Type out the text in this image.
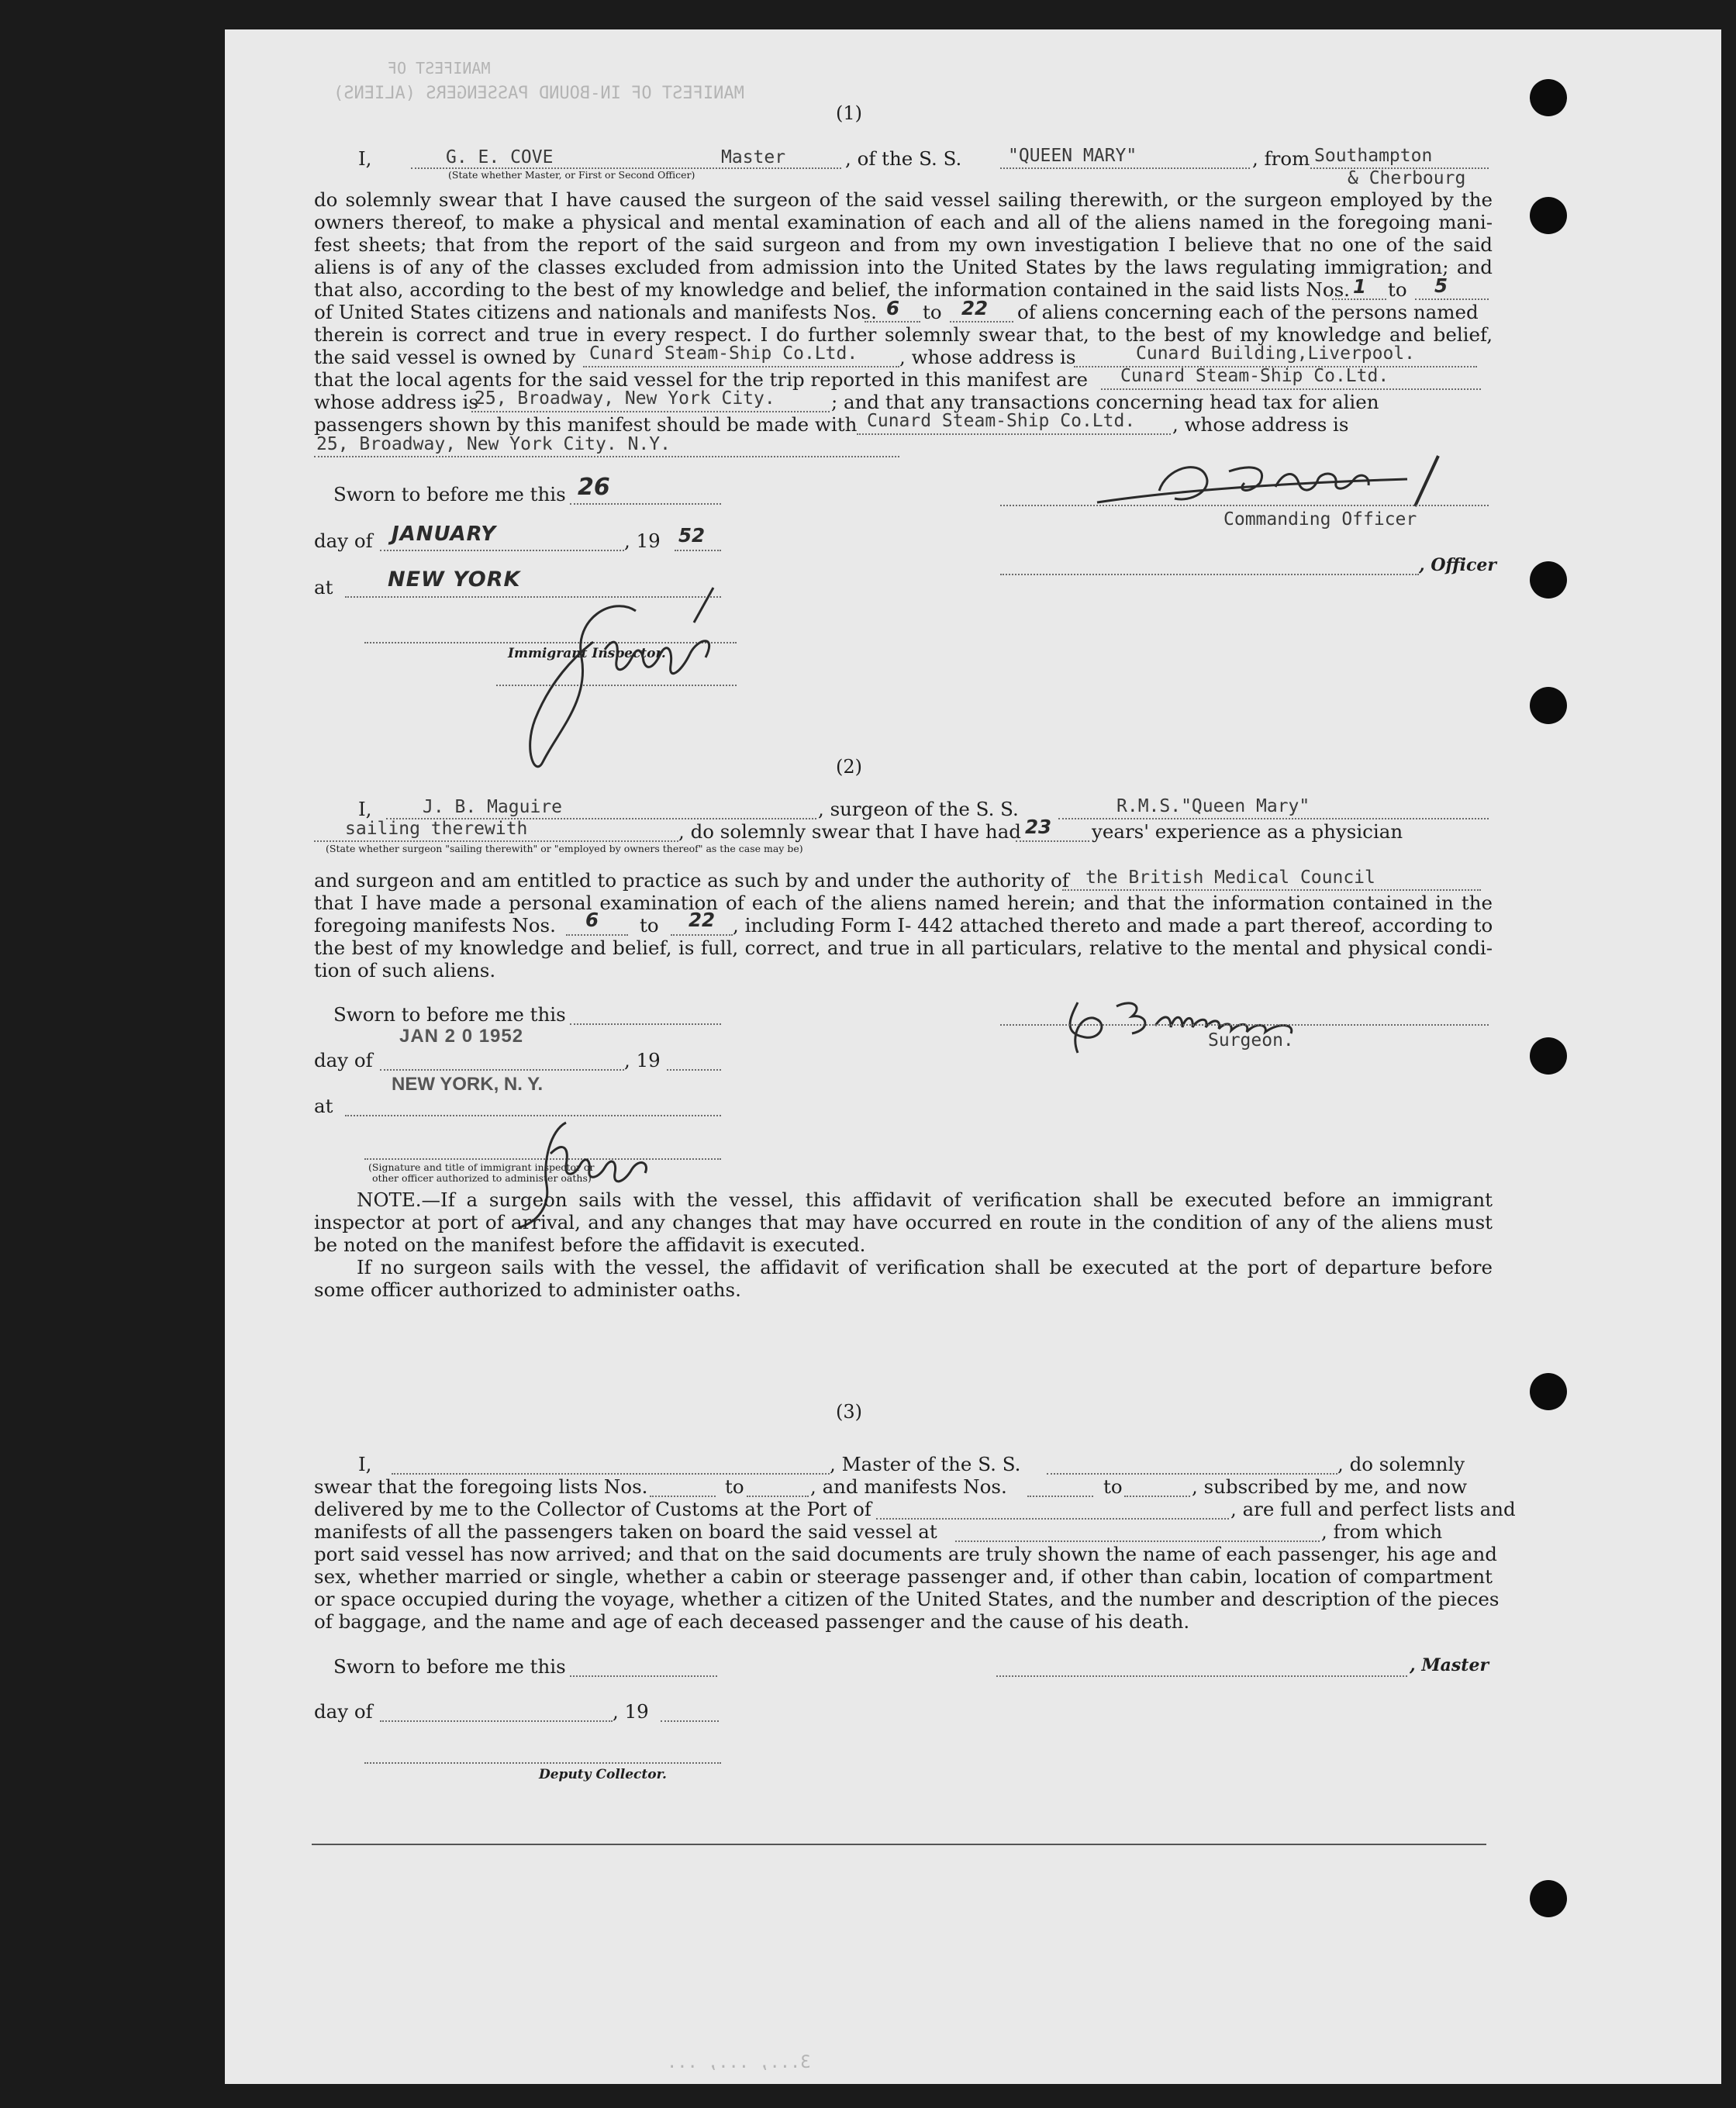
MANIFEST OF IN-BOUND PASSENGERS (ALIENS)
MANIFEST OF
3..., ..., ...
(1)
I,	G. E. COVE	Master
(State whether Master, or First or Second Officer)
, of the S. S.	"QUEEN MARY"	, from Southampton
& Cherbourg
do solemnly swear that I have caused the surgeon of the said vessel sailing therewith, or the surgeon employed by the
owners thereof, to make a physical and mental examination of each and all of the aliens named in the foregoing mani-
fest sheets; that from the report of the said surgeon and from my own investigation I believe that no one of the said
aliens is of any of the classes excluded from admission into the United States by the laws regulating immigration; and
that also, according to the best of my knowledge and belief, the information contained in the said lists Nos. 1 to 5
of United States citizens and nationals and manifests Nos. 6 to 22 of aliens concerning each of the persons named
therein is correct and true in every respect. I do further solemnly swear that, to the best of my knowledge and belief,
the said vessel is owned by Cunard Steam-Ship Co.Ltd. , whose address is	Cunard Building,Liverpool.
that the local agents for the said vessel for the trip reported in this manifest are Cunard Steam-Ship Co.Ltd.
whose address is
25, Broadway, New York City.	; and that any transactions concerning head tax for alien
passengers shown by this manifest should be made with Cunard Steam-Ship Co.Ltd. , whose address is
25, Broadway, New York City. N.Y.
Sworn to before me this 26
day of JANUARY	, 19 52
at	NEW YORK
Immigrant Inspector.
Commanding Officer
, Officer
(2)
I,	J. B. Maguire	, surgeon of the S. S.	R.M.S."Queen Mary"
sailing therewith	, do solemnly swear that I have had 23 years' experience as a physician
(State whether surgeon "sailing therewith" or "employed by owners thereof" as the case may be)
and surgeon and am entitled to practice as such by and under the authority of the British Medical Council
that I have made a personal examination of each of the aliens named herein; and that the information contained in the
foregoing manifests Nos. 6 to 22 , including Form I- 442 attached thereto and made a part thereof, according to
the best of my knowledge and belief, is full, correct, and true in all particulars, relative to the mental and physical condi-
tion of such aliens.
Sworn to before me this
JAN 2 0 1952
day of	, 19
at
NEW YORK, N. Y.
(Signature and title of immigrant inspector or
other officer authorized to administer oaths)
Surgeon.
NOTE.—If a surgeon sails with the vessel, this affidavit of verification shall be executed before an immigrant
inspector at port of arrival, and any changes that may have occurred en route in the condition of any of the aliens must
be noted on the manifest before the affidavit is executed.
If no surgeon sails with the vessel, the affidavit of verification shall be executed at the port of departure before
some officer authorized to administer oaths.
(3)
I,	, Master of the S. S.	, do solemnly
swear that the foregoing lists Nos.	to	, and manifests Nos.	to	, subscribed by me, and now
delivered by me to the Collector of Customs at the Port of	, are full and perfect lists and
manifests of all the passengers taken on board the said vessel at	, from which
port said vessel has now arrived; and that on the said documents are truly shown the name of each passenger, his age and
sex, whether married or single, whether a cabin or steerage passenger and, if other than cabin, location of compartment
or space occupied during the voyage, whether a citizen of the United States, and the number and description of the pieces
of baggage, and the name and age of each deceased passenger and the cause of his death.
Sworn to before me this	, Master
day of	, 19
Deputy Collector.
